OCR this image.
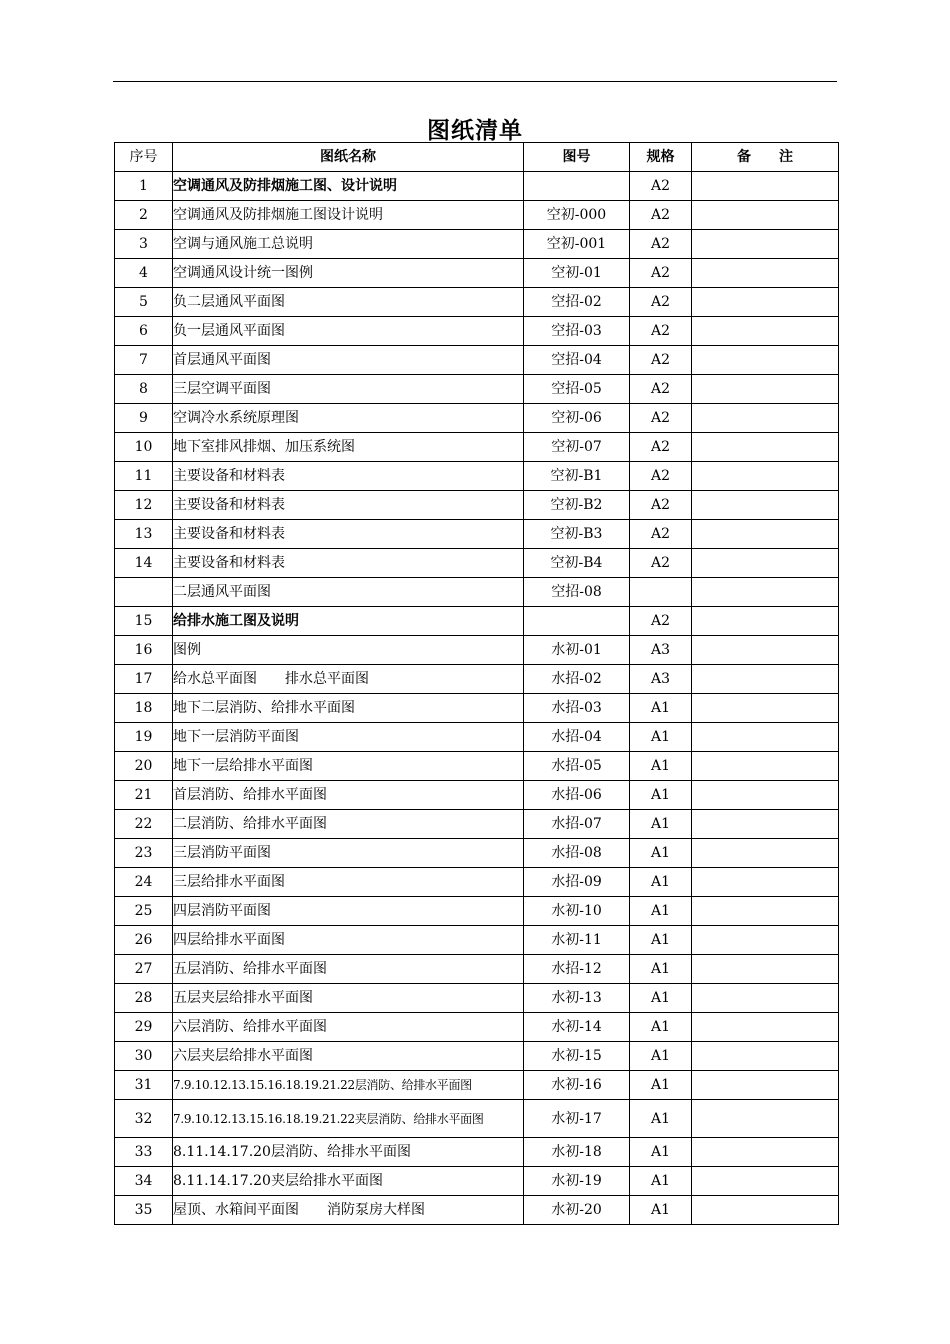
图纸清单
序号	图纸名称	图号	规格	备　　注
1	空调通风及防排烟施工图、设计说明		A2	
2	空调通风及防排烟施工图设计说明	空初-000	A2	
3	空调与通风施工总说明	空初-001	A2	
4	空调通风设计统一图例	空初-01	A2	
5	负二层通风平面图	空招-02	A2	
6	负一层通风平面图	空招-03	A2	
7	首层通风平面图	空招-04	A2	
8	三层空调平面图	空招-05	A2	
9	空调冷水系统原理图	空初-06	A2	
10	地下室排风排烟、加压系统图	空初-07	A2	
11	主要设备和材料表	空初-B1	A2	
12	主要设备和材料表	空初-B2	A2	
13	主要设备和材料表	空初-B3	A2	
14	主要设备和材料表	空初-B4	A2	
	二层通风平面图	空招-08		
15	给排水施工图及说明		A2	
16	图例	水初-01	A3	
17	给水总平面图　　排水总平面图	水招-02	A3	
18	地下二层消防、给排水平面图	水招-03	A1	
19	地下一层消防平面图	水招-04	A1	
20	地下一层给排水平面图	水招-05	A1	
21	首层消防、给排水平面图	水招-06	A1	
22	二层消防、给排水平面图	水招-07	A1	
23	三层消防平面图	水招-08	A1	
24	三层给排水平面图	水招-09	A1	
25	四层消防平面图	水初-10	A1	
26	四层给排水平面图	水初-11	A1	
27	五层消防、给排水平面图	水招-12	A1	
28	五层夹层给排水平面图	水初-13	A1	
29	六层消防、给排水平面图	水初-14	A1	
30	六层夹层给排水平面图	水初-15	A1	
31	7.9.10.12.13.15.16.18.19.21.22层消防、给排水平面图	水初-16	A1	
32	7.9.10.12.13.15.16.18.19.21.22夹层消防、给排水平面图	水初-17	A1	
33	8.11.14.17.20层消防、给排水平面图	水初-18	A1	
34	8.11.14.17.20夹层给排水平面图	水初-19	A1	
35	屋顶、水箱间平面图　　消防泵房大样图	水初-20	A1	
